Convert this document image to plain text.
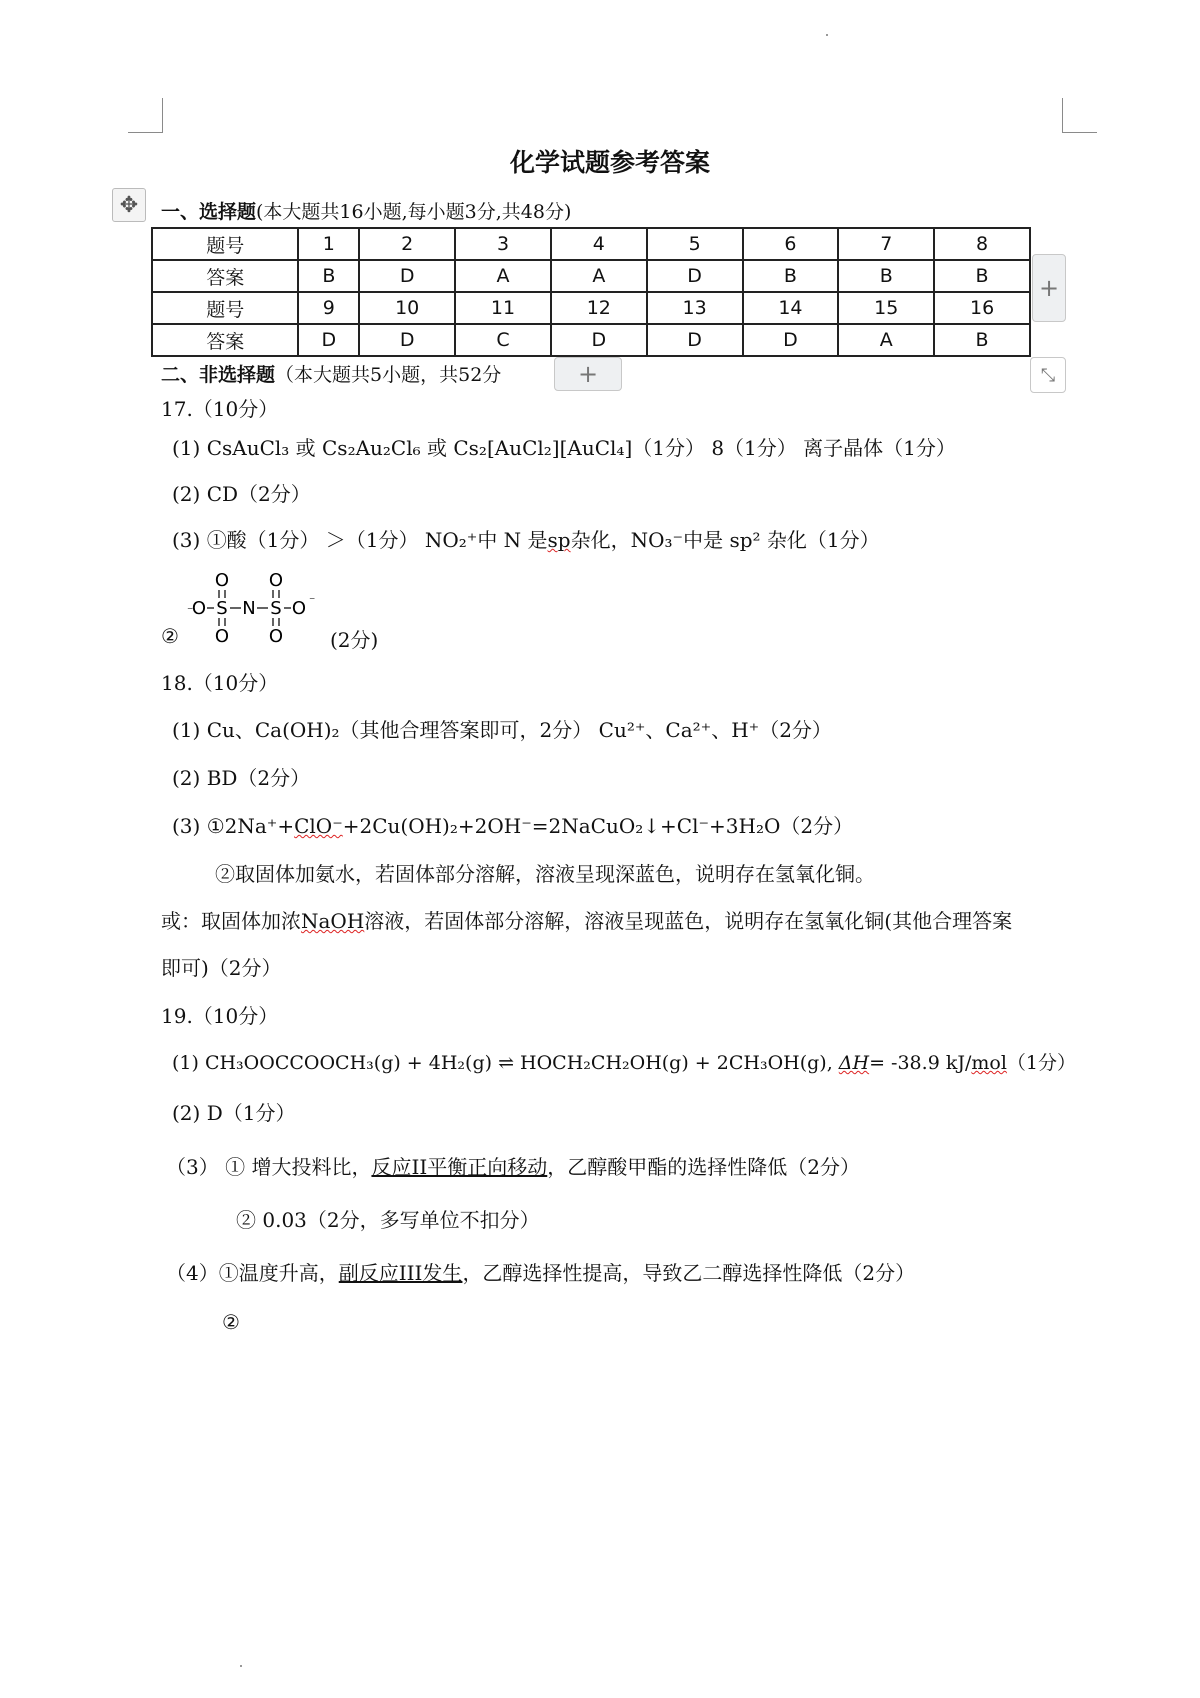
化学试题参考答案
✥	一、选择题(本大题共16小题,每小题3分,共48分)
题号	1	2	3	4	5	6	7	8
答案	B	D	A	A	D	B	B	B
题号	9	10	11	12	13	14	15	16
答案	D	D	C	D	D	D	A	B
+
+	⤡
二、非选择题（本大题共5小题，共52分
17.（10分）
(1) CsAuCl₃ 或 Cs₂Au₂Cl₆ 或 Cs₂[AuCl₂][AuCl₄]（1分） 8（1分） 离子晶体（1分）
(2) CD（2分）
(3) ①酸（1分） ＞（1分） NO₂⁺中 N 是sp杂化，NO₃⁻中是 sp² 杂化（1分）
O O
⁻
O S N S O ⁻
O O
②	(2分)
18.（10分）
(1) Cu、Ca(OH)₂（其他合理答案即可，2分） Cu²⁺、Ca²⁺、H⁺（2分）
(2) BD（2分）
(3) ①2Na⁺+ClO⁻+2Cu(OH)₂+2OH⁻=2NaCuO₂↓+Cl⁻+3H₂O（2分）
②取固体加氨水，若固体部分溶解，溶液呈现深蓝色，说明存在氢氧化铜。
或：取固体加浓NaOH溶液，若固体部分溶解，溶液呈现蓝色，说明存在氢氧化铜(其他合理答案
即可)（2分）
19.（10分）
(1) CH₃OOCCOOCH₃(g) + 4H₂(g) ⇌ HOCH₂CH₂OH(g) + 2CH₃OH(g), ΔH= -38.9 kJ/mol（1分）
(2) D（1分）
（3） ① 增大投料比，反应II平衡正向移动，乙醇酸甲酯的选择性降低（2分）
② 0.03（2分，多写单位不扣分）
（4）①温度升高，副反应III发生，乙醇选择性提高，导致乙二醇选择性降低（2分）
②
